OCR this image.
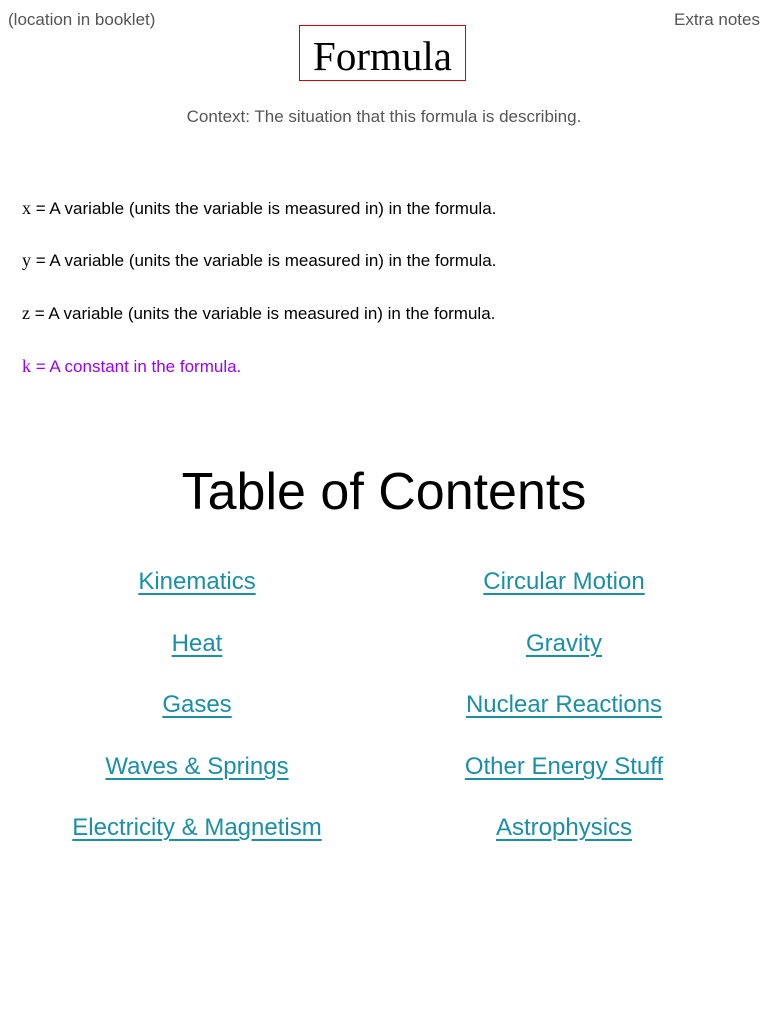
(location in booklet)	Extra notes
Formula
Context: The situation that this formula is describing.
x = A variable (units the variable is measured in) in the formula.
y = A variable (units the variable is measured in) in the formula.
z = A variable (units the variable is measured in) in the formula.
k = A constant in the formula.
Table of Contents
Kinematics
Heat
Gases
Waves & Springs
Electricity & Magnetism
Circular Motion
Gravity
Nuclear Reactions
Other Energy Stuff
Astrophysics
